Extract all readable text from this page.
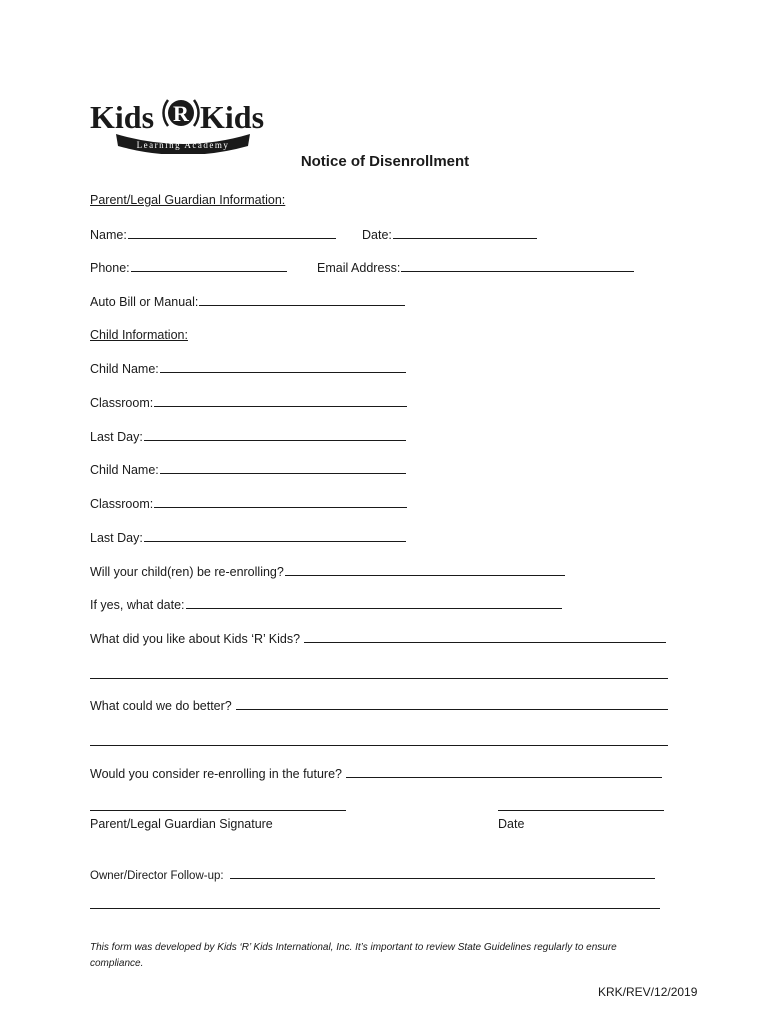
Kids R Kids
Learning Academy
Notice of Disenrollment
Parent/Legal Guardian Information:
Name:	Date:
Phone:	Email Address:
Auto Bill or Manual:
Child Information:
Child Name:
Classroom:
Last Day:
Child Name:
Classroom:
Last Day:
Will your child(ren) be re-enrolling?
If yes, what date:
What did you like about Kids ‘R’ Kids?
What could we do better?
Would you consider re-enrolling in the future?
Parent/Legal Guardian Signature	Date
Owner/Director Follow-up:
This form was developed by Kids ‘R’ Kids International, Inc. It’s important to review State Guidelines regularly to ensure compliance.
KRK/REV/12/2019
